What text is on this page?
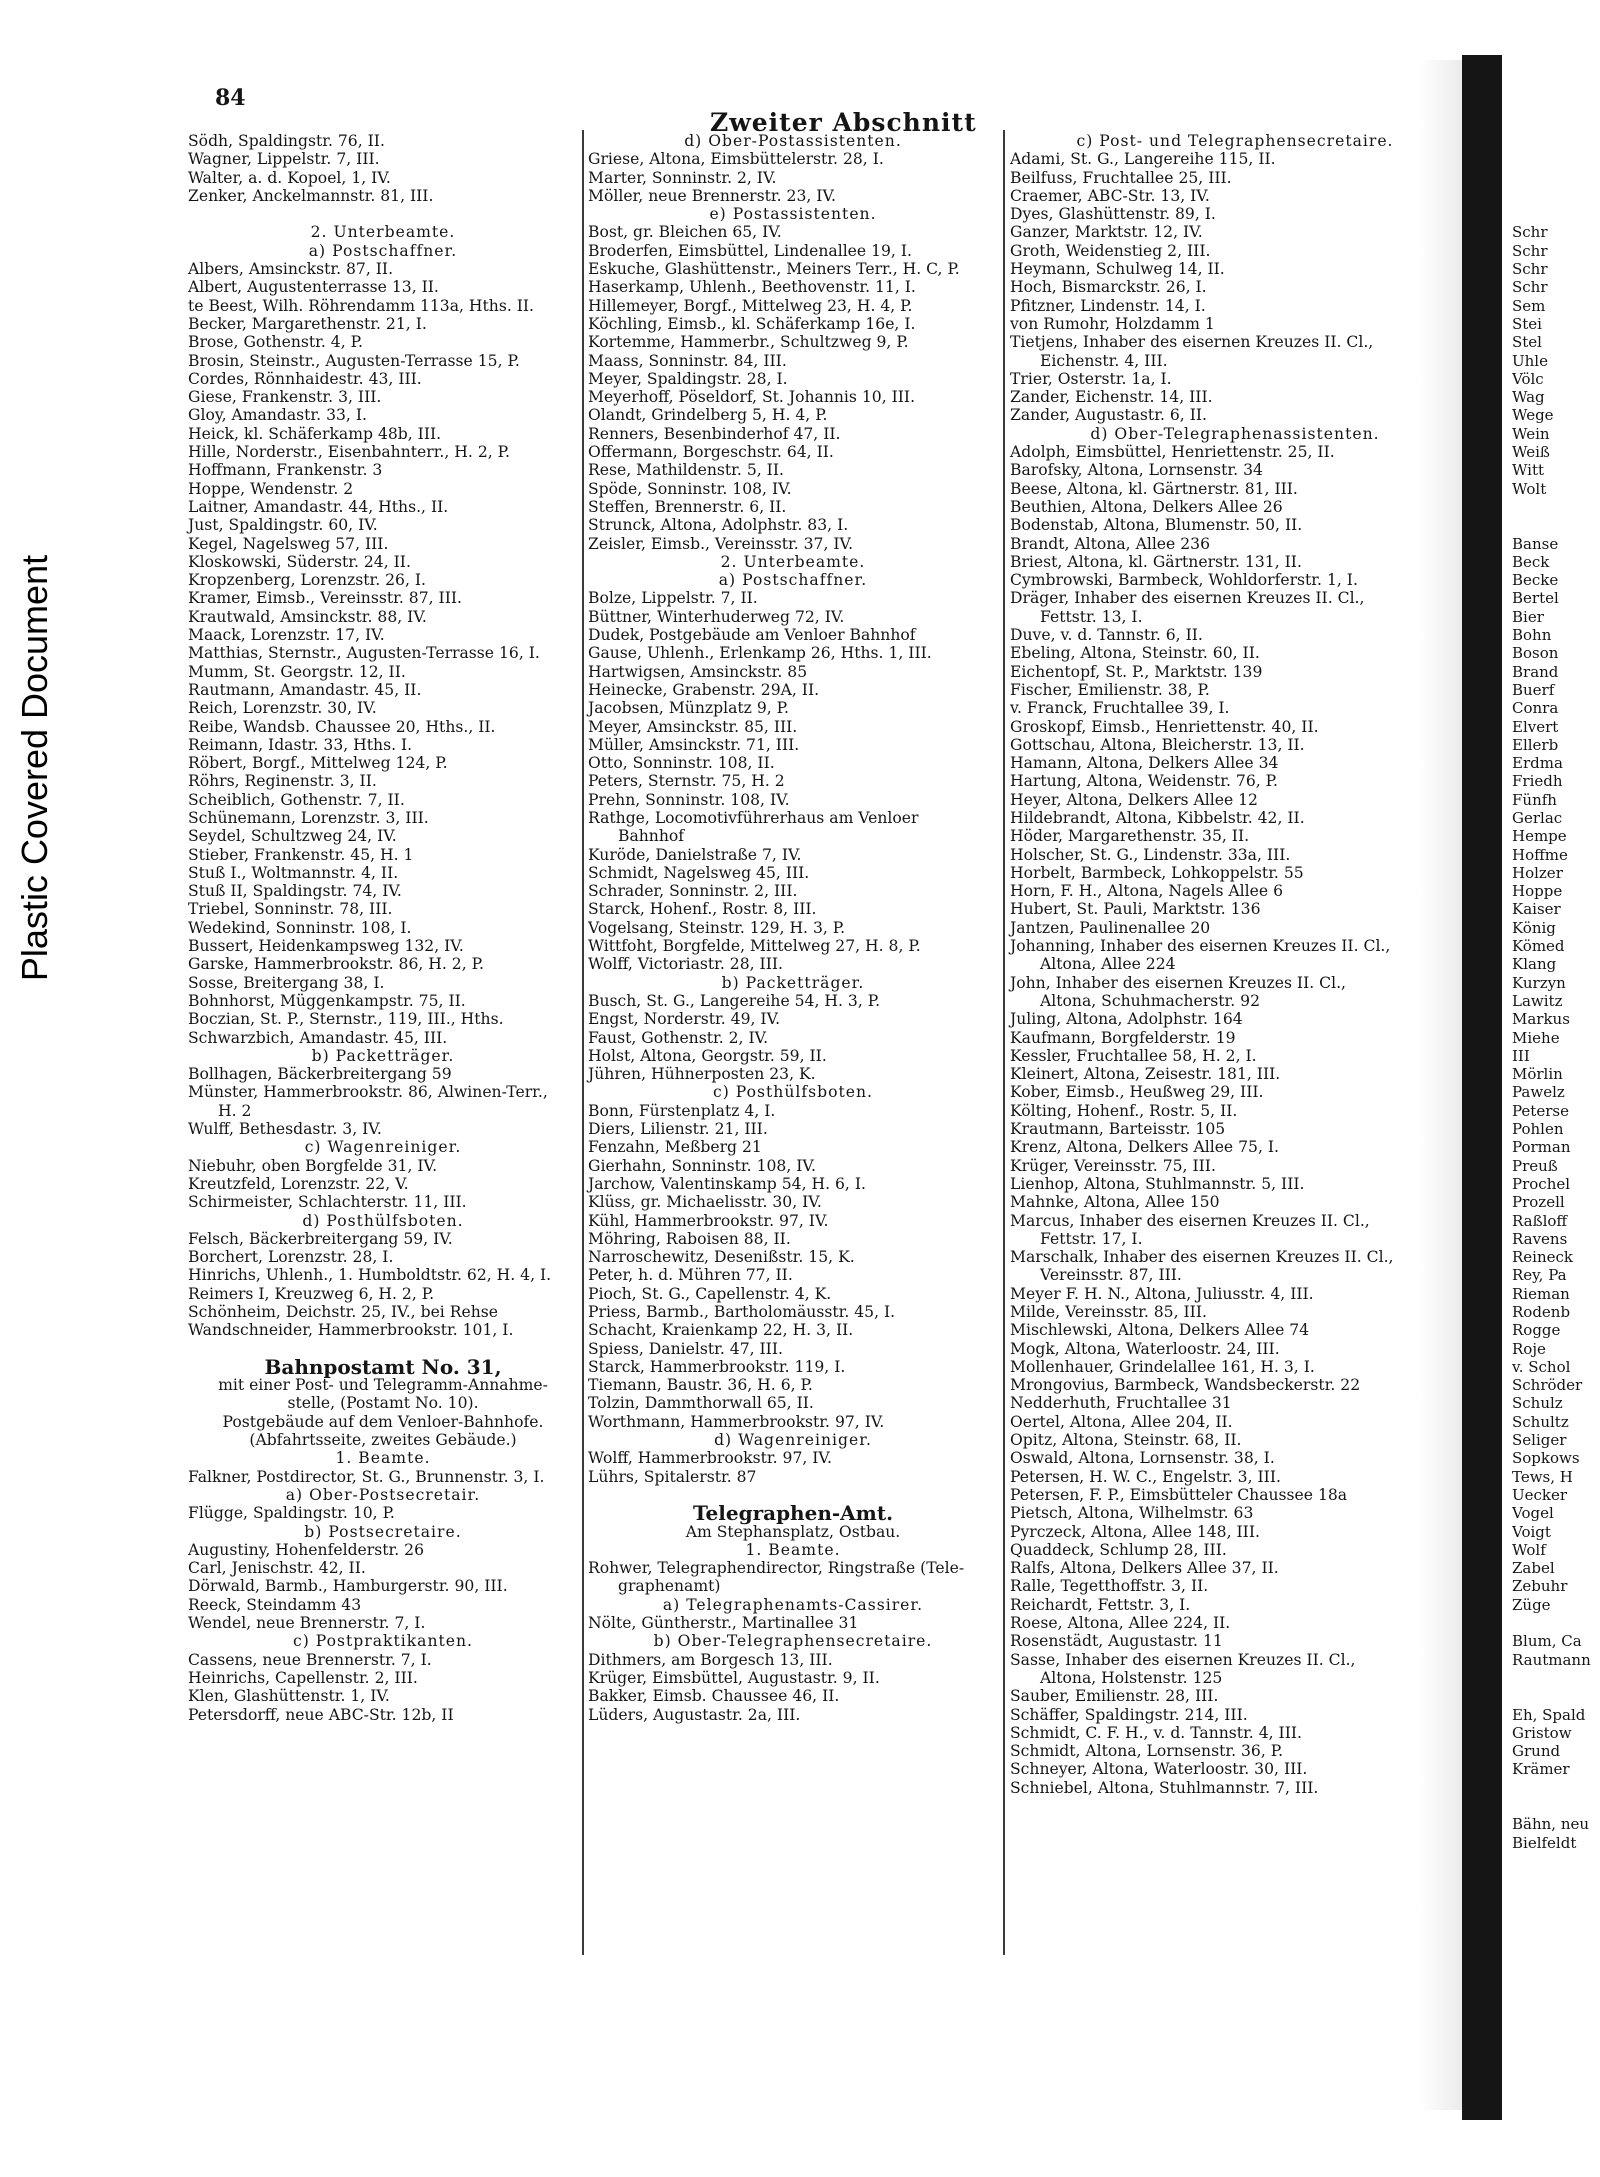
Plastic Covered Document
84
Zweiter Abschnitt
Södh, Spaldingstr. 76, II.
Wagner, Lippelstr. 7, III.
Walter, a. d. Kopoel, 1, IV.
Zenker, Anckelmannstr. 81, III.
2. Unterbeamte.
a) Postschaffner.
Albers, Amsinckstr. 87, II.
Albert, Augustenterrasse 13, II.
te Beest, Wilh. Röhrendamm 113a, Hths. II.
Becker, Margarethenstr. 21, I.
Brose, Gothenstr. 4, P.
Brosin, Steinstr., Augusten-Terrasse 15, P.
Cordes, Rönnhaidestr. 43, III.
Giese, Frankenstr. 3, III.
Gloy, Amandastr. 33, I.
Heick, kl. Schäferkamp 48b, III.
Hille, Norderstr., Eisenbahnterr., H. 2, P.
Hoffmann, Frankenstr. 3
Hoppe, Wendenstr. 2
Laitner, Amandastr. 44, Hths., II.
Just, Spaldingstr. 60, IV.
Kegel, Nagelsweg 57, III.
Kloskowski, Süderstr. 24, II.
Kropzenberg, Lorenzstr. 26, I.
Kramer, Eimsb., Vereinsstr. 87, III.
Krautwald, Amsinckstr. 88, IV.
Maack, Lorenzstr. 17, IV.
Matthias, Sternstr., Augusten-Terrasse 16, I.
Mumm, St. Georgstr. 12, II.
Rautmann, Amandastr. 45, II.
Reich, Lorenzstr. 30, IV.
Reibe, Wandsb. Chaussee 20, Hths., II.
Reimann, Idastr. 33, Hths. I.
Röbert, Borgf., Mittelweg 124, P.
Röhrs, Reginenstr. 3, II.
Scheiblich, Gothenstr. 7, II.
Schünemann, Lorenzstr. 3, III.
Seydel, Schultzweg 24, IV.
Stieber, Frankenstr. 45, H. 1
Stuß I., Woltmannstr. 4, II.
Stuß II, Spaldingstr. 74, IV.
Triebel, Sonninstr. 78, III.
Wedekind, Sonninstr. 108, I.
Bussert, Heidenkampsweg 132, IV.
Garske, Hammerbrookstr. 86, H. 2, P.
Sosse, Breitergang 38, I.
Bohnhorst, Müggenkampstr. 75, II.
Boczian, St. P., Sternstr., 119, III., Hths.
Schwarzbich, Amandastr. 45, III.
b) Packetträger.
Bollhagen, Bäckerbreitergang 59
Münster, Hammerbrookstr. 86, Alwinen-Terr.,
H. 2
Wulff, Bethesdastr. 3, IV.
c) Wagenreiniger.
Niebuhr, oben Borgfelde 31, IV.
Kreutzfeld, Lorenzstr. 22, V.
Schirmeister, Schlachterstr. 11, III.
d) Posthülfsboten.
Felsch, Bäckerbreitergang 59, IV.
Borchert, Lorenzstr. 28, I.
Hinrichs, Uhlenh., 1. Humboldtstr. 62, H. 4, I.
Reimers I, Kreuzweg 6, H. 2, P.
Schönheim, Deichstr. 25, IV., bei Rehse
Wandschneider, Hammerbrookstr. 101, I.
Bahnpostamt No. 31,
mit einer Post- und Telegramm-Annahme-
stelle, (Postamt No. 10).
Postgebäude auf dem Venloer-Bahnhofe.
(Abfahrtsseite, zweites Gebäude.)
1. Beamte.
Falkner, Postdirector, St. G., Brunnenstr. 3, I.
a) Ober-Postsecretair.
Flügge, Spaldingstr. 10, P.
b) Postsecretaire.
Augustiny, Hohenfelderstr. 26
Carl, Jenischstr. 42, II.
Dörwald, Barmb., Hamburgerstr. 90, III.
Reeck, Steindamm 43
Wendel, neue Brennerstr. 7, I.
c) Postpraktikanten.
Cassens, neue Brennerstr. 7, I.
Heinrichs, Capellenstr. 2, III.
Klen, Glashüttenstr. 1, IV.
Petersdorff, neue ABC-Str. 12b, II
d) Ober-Postassistenten.
Griese, Altona, Eimsbüttelerstr. 28, I.
Marter, Sonninstr. 2, IV.
Möller, neue Brennerstr. 23, IV.
e) Postassistenten.
Bost, gr. Bleichen 65, IV.
Broderfen, Eimsbüttel, Lindenallee 19, I.
Eskuche, Glashüttenstr., Meiners Terr., H. C, P.
Haserkamp, Uhlenh., Beethovenstr. 11, I.
Hillemeyer, Borgf., Mittelweg 23, H. 4, P.
Köchling, Eimsb., kl. Schäferkamp 16e, I.
Kortemme, Hammerbr., Schultzweg 9, P.
Maass, Sonninstr. 84, III.
Meyer, Spaldingstr. 28, I.
Meyerhoff, Pöseldorf, St. Johannis 10, III.
Olandt, Grindelberg 5, H. 4, P.
Renners, Besenbinderhof 47, II.
Offermann, Borgeschstr. 64, II.
Rese, Mathildenstr. 5, II.
Spöde, Sonninstr. 108, IV.
Steffen, Brennerstr. 6, II.
Strunck, Altona, Adolphstr. 83, I.
Zeisler, Eimsb., Vereinsstr. 37, IV.
2. Unterbeamte.
a) Postschaffner.
Bolze, Lippelstr. 7, II.
Büttner, Winterhuderweg 72, IV.
Dudek, Postgebäude am Venloer Bahnhof
Gause, Uhlenh., Erlenkamp 26, Hths. 1, III.
Hartwigsen, Amsinckstr. 85
Heinecke, Grabenstr. 29A, II.
Jacobsen, Münzplatz 9, P.
Meyer, Amsinckstr. 85, III.
Müller, Amsinckstr. 71, III.
Otto, Sonninstr. 108, II.
Peters, Sternstr. 75, H. 2
Prehn, Sonninstr. 108, IV.
Rathge, Locomotivführerhaus am Venloer
Bahnhof
Kuröde, Danielstraße 7, IV.
Schmidt, Nagelsweg 45, III.
Schrader, Sonninstr. 2, III.
Starck, Hohenf., Rostr. 8, III.
Vogelsang, Steinstr. 129, H. 3, P.
Wittfoht, Borgfelde, Mittelweg 27, H. 8, P.
Wolff, Victoriastr. 28, III.
b) Packetträger.
Busch, St. G., Langereihe 54, H. 3, P.
Engst, Norderstr. 49, IV.
Faust, Gothenstr. 2, IV.
Holst, Altona, Georgstr. 59, II.
Jühren, Hühnerposten 23, K.
c) Posthülfsboten.
Bonn, Fürstenplatz 4, I.
Diers, Lilienstr. 21, III.
Fenzahn, Meßberg 21
Gierhahn, Sonninstr. 108, IV.
Jarchow, Valentinskamp 54, H. 6, I.
Klüss, gr. Michaelisstr. 30, IV.
Kühl, Hammerbrookstr. 97, IV.
Möhring, Raboisen 88, II.
Narroschewitz, Desenißstr. 15, K.
Peter, h. d. Mühren 77, II.
Pioch, St. G., Capellenstr. 4, K.
Priess, Barmb., Bartholomäusstr. 45, I.
Schacht, Kraienkamp 22, H. 3, II.
Spiess, Danielstr. 47, III.
Starck, Hammerbrookstr. 119, I.
Tiemann, Baustr. 36, H. 6, P.
Tolzin, Dammthorwall 65, II.
Worthmann, Hammerbrookstr. 97, IV.
d) Wagenreiniger.
Wolff, Hammerbrookstr. 97, IV.
Lührs, Spitalerstr. 87
Telegraphen-Amt.
Am Stephansplatz, Ostbau.
1. Beamte.
Rohwer, Telegraphendirector, Ringstraße (Tele-
graphenamt)
a) Telegraphenamts-Cassirer.
Nölte, Güntherstr., Martinallee 31
b) Ober-Telegraphensecretaire.
Dithmers, am Borgesch 13, III.
Krüger, Eimsbüttel, Augustastr. 9, II.
Bakker, Eimsb. Chaussee 46, II.
Lüders, Augustastr. 2a, III.
c) Post- und Telegraphensecretaire.
Adami, St. G., Langereihe 115, II.
Beilfuss, Fruchtallee 25, III.
Craemer, ABC-Str. 13, IV.
Dyes, Glashüttenstr. 89, I.
Ganzer, Marktstr. 12, IV.
Groth, Weidenstieg 2, III.
Heymann, Schulweg 14, II.
Hoch, Bismarckstr. 26, I.
Pfitzner, Lindenstr. 14, I.
von Rumohr, Holzdamm 1
Tietjens, Inhaber des eisernen Kreuzes II. Cl.,
Eichenstr. 4, III.
Trier, Osterstr. 1a, I.
Zander, Eichenstr. 14, III.
Zander, Augustastr. 6, II.
d) Ober-Telegraphenassistenten.
Adolph, Eimsbüttel, Henriettenstr. 25, II.
Barofsky, Altona, Lornsenstr. 34
Beese, Altona, kl. Gärtnerstr. 81, III.
Beuthien, Altona, Delkers Allee 26
Bodenstab, Altona, Blumenstr. 50, II.
Brandt, Altona, Allee 236
Briest, Altona, kl. Gärtnerstr. 131, II.
Cymbrowski, Barmbeck, Wohldorferstr. 1, I.
Dräger, Inhaber des eisernen Kreuzes II. Cl.,
Fettstr. 13, I.
Duve, v. d. Tannstr. 6, II.
Ebeling, Altona, Steinstr. 60, II.
Eichentopf, St. P., Marktstr. 139
Fischer, Emilienstr. 38, P.
v. Franck, Fruchtallee 39, I.
Groskopf, Eimsb., Henriettenstr. 40, II.
Gottschau, Altona, Bleicherstr. 13, II.
Hamann, Altona, Delkers Allee 34
Hartung, Altona, Weidenstr. 76, P.
Heyer, Altona, Delkers Allee 12
Hildebrandt, Altona, Kibbelstr. 42, II.
Höder, Margarethenstr. 35, II.
Holscher, St. G., Lindenstr. 33a, III.
Horbelt, Barmbeck, Lohkoppelstr. 55
Horn, F. H., Altona, Nagels Allee 6
Hubert, St. Pauli, Marktstr. 136
Jantzen, Paulinenallee 20
Johanning, Inhaber des eisernen Kreuzes II. Cl.,
Altona, Allee 224
John, Inhaber des eisernen Kreuzes II. Cl.,
Altona, Schuhmacherstr. 92
Juling, Altona, Adolphstr. 164
Kaufmann, Borgfelderstr. 19
Kessler, Fruchtallee 58, H. 2, I.
Kleinert, Altona, Zeisestr. 181, III.
Kober, Eimsb., Heußweg 29, III.
Költing, Hohenf., Rostr. 5, II.
Krautmann, Barteisstr. 105
Krenz, Altona, Delkers Allee 75, I.
Krüger, Vereinsstr. 75, III.
Lienhop, Altona, Stuhlmannstr. 5, III.
Mahnke, Altona, Allee 150
Marcus, Inhaber des eisernen Kreuzes II. Cl.,
Fettstr. 17, I.
Marschalk, Inhaber des eisernen Kreuzes II. Cl.,
Vereinsstr. 87, III.
Meyer F. H. N., Altona, Juliusstr. 4, III.
Milde, Vereinsstr. 85, III.
Mischlewski, Altona, Delkers Allee 74
Mogk, Altona, Waterloostr. 24, III.
Mollenhauer, Grindelallee 161, H. 3, I.
Mrongovius, Barmbeck, Wandsbeckerstr. 22
Nedderhuth, Fruchtallee 31
Oertel, Altona, Allee 204, II.
Opitz, Altona, Steinstr. 68, II.
Oswald, Altona, Lornsenstr. 38, I.
Petersen, H. W. C., Engelstr. 3, III.
Petersen, F. P., Eimsbütteler Chaussee 18a
Pietsch, Altona, Wilhelmstr. 63
Pyrczeck, Altona, Allee 148, III.
Quaddeck, Schlump 28, III.
Ralfs, Altona, Delkers Allee 37, II.
Ralle, Tegetthoffstr. 3, II.
Reichardt, Fettstr. 3, I.
Roese, Altona, Allee 224, II.
Rosenstädt, Augustastr. 11
Sasse, Inhaber des eisernen Kreuzes II. Cl.,
Altona, Holstenstr. 125
Sauber, Emilienstr. 28, III.
Schäffer, Spaldingstr. 214, III.
Schmidt, C. F. H., v. d. Tannstr. 4, III.
Schmidt, Altona, Lornsenstr. 36, P.
Schneyer, Altona, Waterloostr. 30, III.
Schniebel, Altona, Stuhlmannstr. 7, III.
Schr
Schr
Schr
Schr
Sem
Stei
Stel
Uhle
Völc
Wag
Wege
Wein
Weiß
Witt
Wolt
Banse
Beck
Becke
Bertel
Bier
Bohn
Boson
Brand
Buerf
Conra
Elvert
Ellerb
Erdma
Friedh
Fünfh
Gerlac
Hempe
Hoffme
Holzer
Hoppe
Kaiser
König
Kömed
Klang
Kurzyn
Lawitz
Markus
Miehe
III
Mörlin
Pawelz
Peterse
Pohlen
Porman
Preuß
Prochel
Prozell
Raßloff
Ravens
Reineck
Rey, Pa
Rieman
Rodenb
Rogge
Roje
v. Schol
Schröder
Schulz
Schultz
Seliger
Sopkows
Tews, H
Uecker
Vogel
Voigt
Wolf
Zabel
Zebuhr
Züge
Blum, Ca
Rautmann
Eh, Spald
Gristow
Grund
Krämer
Bähn, neu
Bielfeldt
